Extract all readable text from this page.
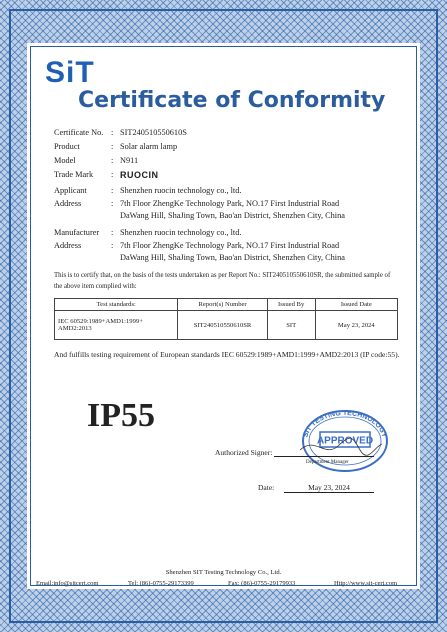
SiT
Certificate of Conformity
Certificate No. : SIT240510550610S
Product	: Solar alarm lamp
Model	: N911
Trade Mark : RUOCIN
Applicant	: Shenzhen ruocin technology co., ltd.
Address	: 7th Floor ZhengKe Technology Park, NO.17 First Industrial Road
DaWang Hill, ShaJing Town, Bao'an District, Shenzhen City, China
Manufacturer : Shenzhen ruocin technology co., ltd.
Address	: 7th Floor ZhengKe Technology Park, NO.17 First Industrial Road
DaWang Hill, ShaJing Town, Bao'an District, Shenzhen City, China
This is to certify that, on the basis of the tests undertaken as per Report No.: SIT240510550610SR, the submitted sample of the above item complied with:
Test standards:	Report(s) Number	Issued By	Issued Date
IEC 60529:1989+AMD1:1999+ AMD2:2013	SIT240510550610SR	SIT	May 23, 2024
And fulfills testing requirement of European standards IEC 60529:1989+AMD1:1999+AMD2:2013 (IP code:55).
IP55
SIT TESTING TECHNOLOGY
APPROVED
Authorized Signer:
Department Manager
Date:	May 23, 2024
Shenzhen SIT Testing Technology Co., Ltd.
Email:info@sitcert.com	Tel: (86)-0755-29173399	Fax: (86)-0755-29179933	Http://www.sit-cert.com
